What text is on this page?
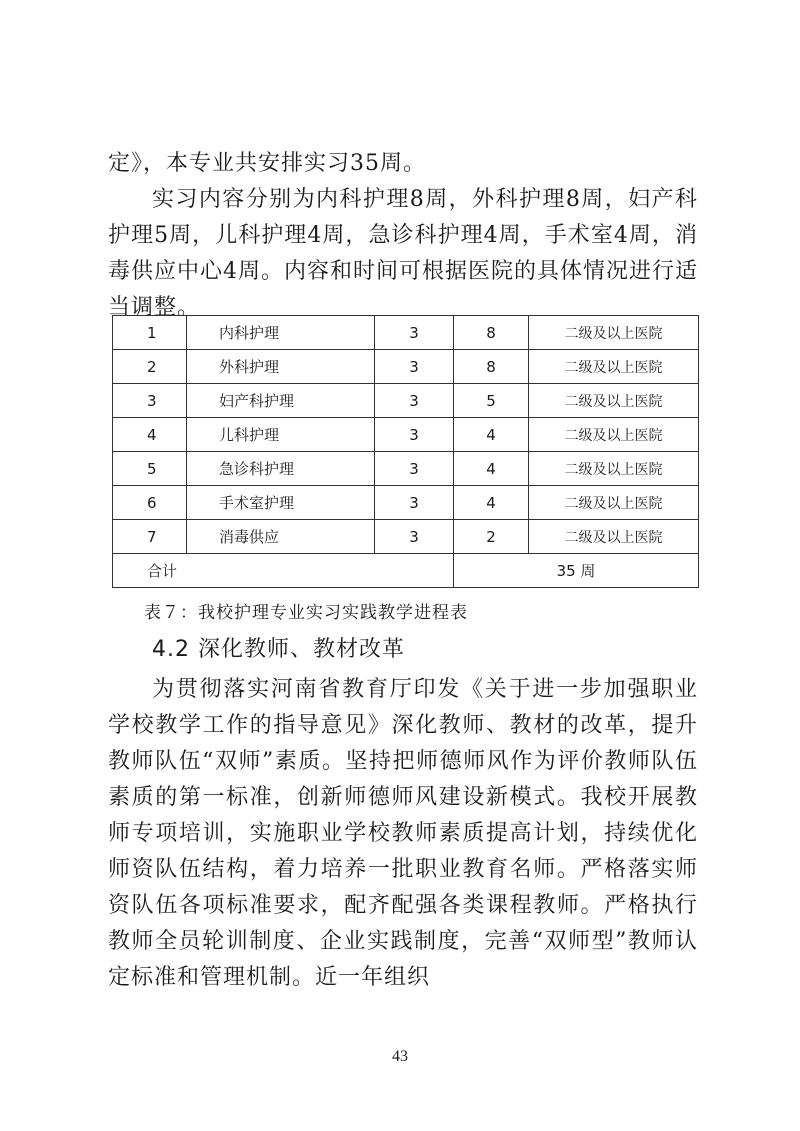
定》，本专业共安排实习35周。
实习内容分别为内科护理8周，外科护理8周，妇产科护理5周，儿科护理4周，急诊科护理4周，手术室4周，消毒供应中心4周。内容和时间可根据医院的具体情况进行适当调整。
1	内科护理	3	8	二级及以上医院
2	外科护理	3	8	二级及以上医院
3	妇产科护理	3	5	二级及以上医院
4	儿科护理	3	4	二级及以上医院
5	急诊科护理	3	4	二级及以上医院
6	手术室护理	3	4	二级及以上医院
7	消毒供应	3	2	二级及以上医院
合计			35 周	
表７：我校护理专业实习实践教学进程表
4.2 深化教师、教材改革
为贯彻落实河南省教育厅印发《关于进一步加强职业学校教学工作的指导意见》深化教师、教材的改革，提升教师队伍“双师”素质。坚持把师德师风作为评价教师队伍素质的第一标准，创新师德师风建设新模式。我校开展教师专项培训，实施职业学校教师素质提高计划，持续优化师资队伍结构，着力培养一批职业教育名师。严格落实师资队伍各项标准要求，配齐配强各类课程教师。严格执行教师全员轮训制度、企业实践制度，完善“双师型”教师认定标准和管理机制。近一年组织
43
